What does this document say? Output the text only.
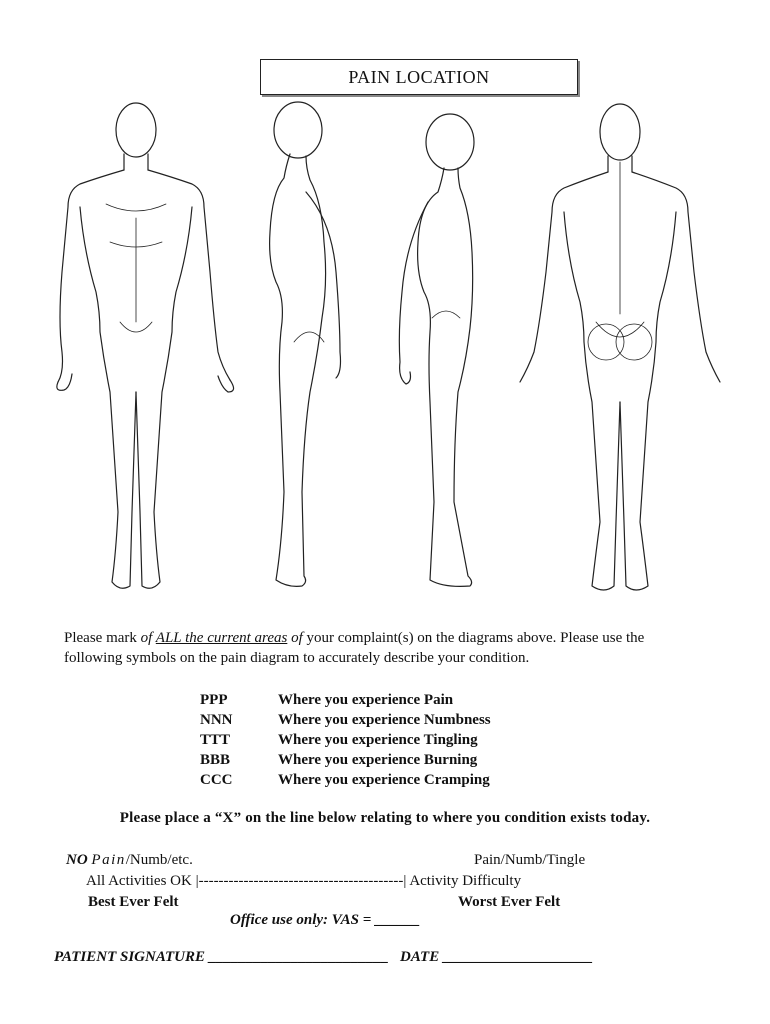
PAIN LOCATION
Please mark of ALL the current areas of your complaint(s) on the diagrams above. Please use the following symbols on the pain diagram to accurately describe your condition.
PPP	Where you experience Pain
NNN	Where you experience Numbness
TTT	Where you experience Tingling
BBB	Where you experience Burning
CCC	Where you experience Cramping
Please place a “X” on the line below relating to where you condition exists today.
NO Pain/Numb/etc.	Pain/Numb/Tingle
All Activities OK |-----------------------------------------| Activity Difficulty
Best Ever Felt	Worst Ever Felt
Office use only: VAS = ______
PATIENT SIGNATURE ________________________ DATE ____________________
